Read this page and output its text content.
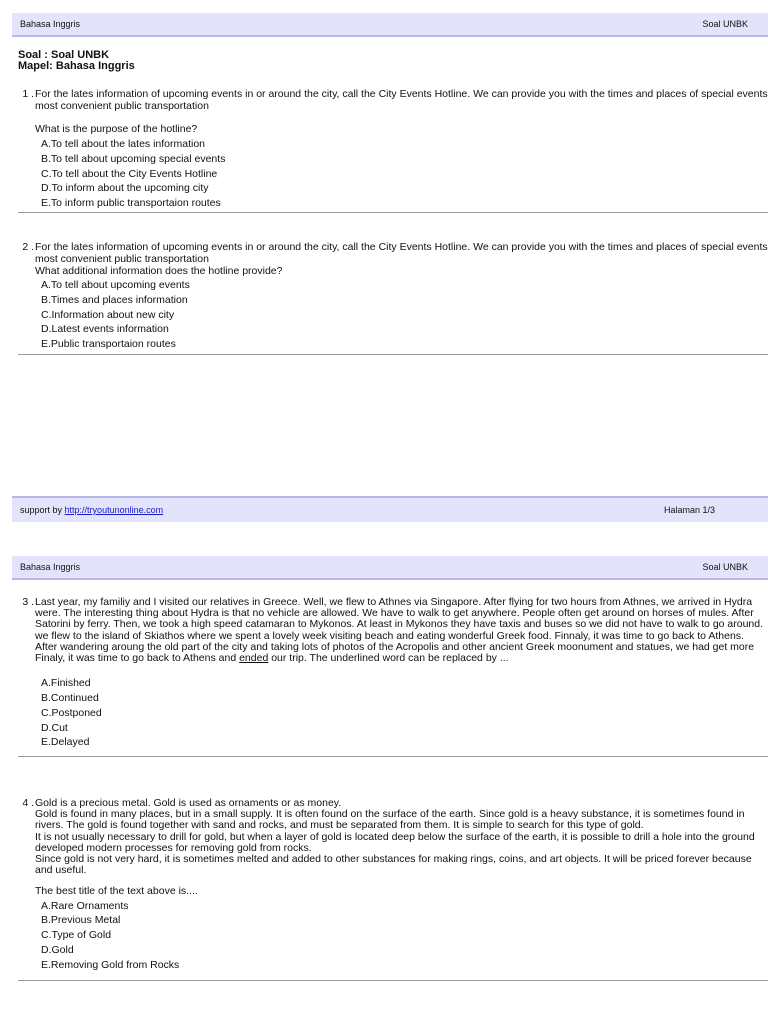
Bahasa Inggris	Soal UNBK
Soal : Soal UNBK
Mapel: Bahasa Inggris
1 . For the lates information of upcoming events in or around the city, call the City Events Hotline. We can provide you with the times and places of special events
most convenient public transportation
What is the purpose of the hotline?
A.To tell about the lates information
B.To tell about upcoming special events
C.To tell about the City Events Hotline
D.To inform about the upcoming city
E.To inform public transportaion routes
2 . For the lates information of upcoming events in or around the city, call the City Events Hotline. We can provide you with the times and places of special events
most convenient public transportation
What additional information does the hotline provide?
A.To tell about upcoming events
B.Times and places information
C.Information about new city
D.Latest events information
E.Public transportaion routes
support by http://tryoutunonline.com	Halaman 1/3
Bahasa Inggris	Soal UNBK
3 . Last year, my familiy and I visited our relatives in Greece. Well, we flew to Athnes via Singapore. After flying for two hours from Athnes, we arrived in Hydra
were. The interesting thing about Hydra is that no vehicle are allowed. We have to walk to get anywhere. People often get around on horses of mules. After
Satorini by ferry. Then, we took a high speed catamaran to Mykonos. At least in Mykonos they have taxis and buses so we did not have to walk to go around.
we flew to the island of Skiathos where we spent a lovely week visiting beach and eating wonderful Greek food. Finnaly, it was time to go back to Athens.
After wandering aroung the old part of the city and taking lots of photos of the Acropolis and other ancient Greek moonument and statues, we had get more
Finaly, it was time to go back to Athens and ended our trip. The underlined word can be replaced by ...
A.Finished
B.Continued
C.Postponed
D.Cut
E.Delayed
4 . Gold is a precious metal. Gold is used as ornaments or as money.
Gold is found in many places, but in a small supply. It is often found on the surface of the earth. Since gold is a heavy substance, it is sometimes found in
rivers. The gold is found together with sand and rocks, and must be separated from them. It is simple to search for this type of gold.
It is not usually necessary to drill for gold, but when a layer of gold is located deep below the surface of the earth, it is possible to drill a hole into the ground
developed modern processes for removing gold from rocks.
Since gold is not very hard, it is sometimes melted and added to other substances for making rings, coins, and art objects. It will be priced forever because
and useful.
The best title of the text above is....
A.Rare Ornaments
B.Previous Metal
C.Type of Gold
D.Gold
E.Removing Gold from Rocks
